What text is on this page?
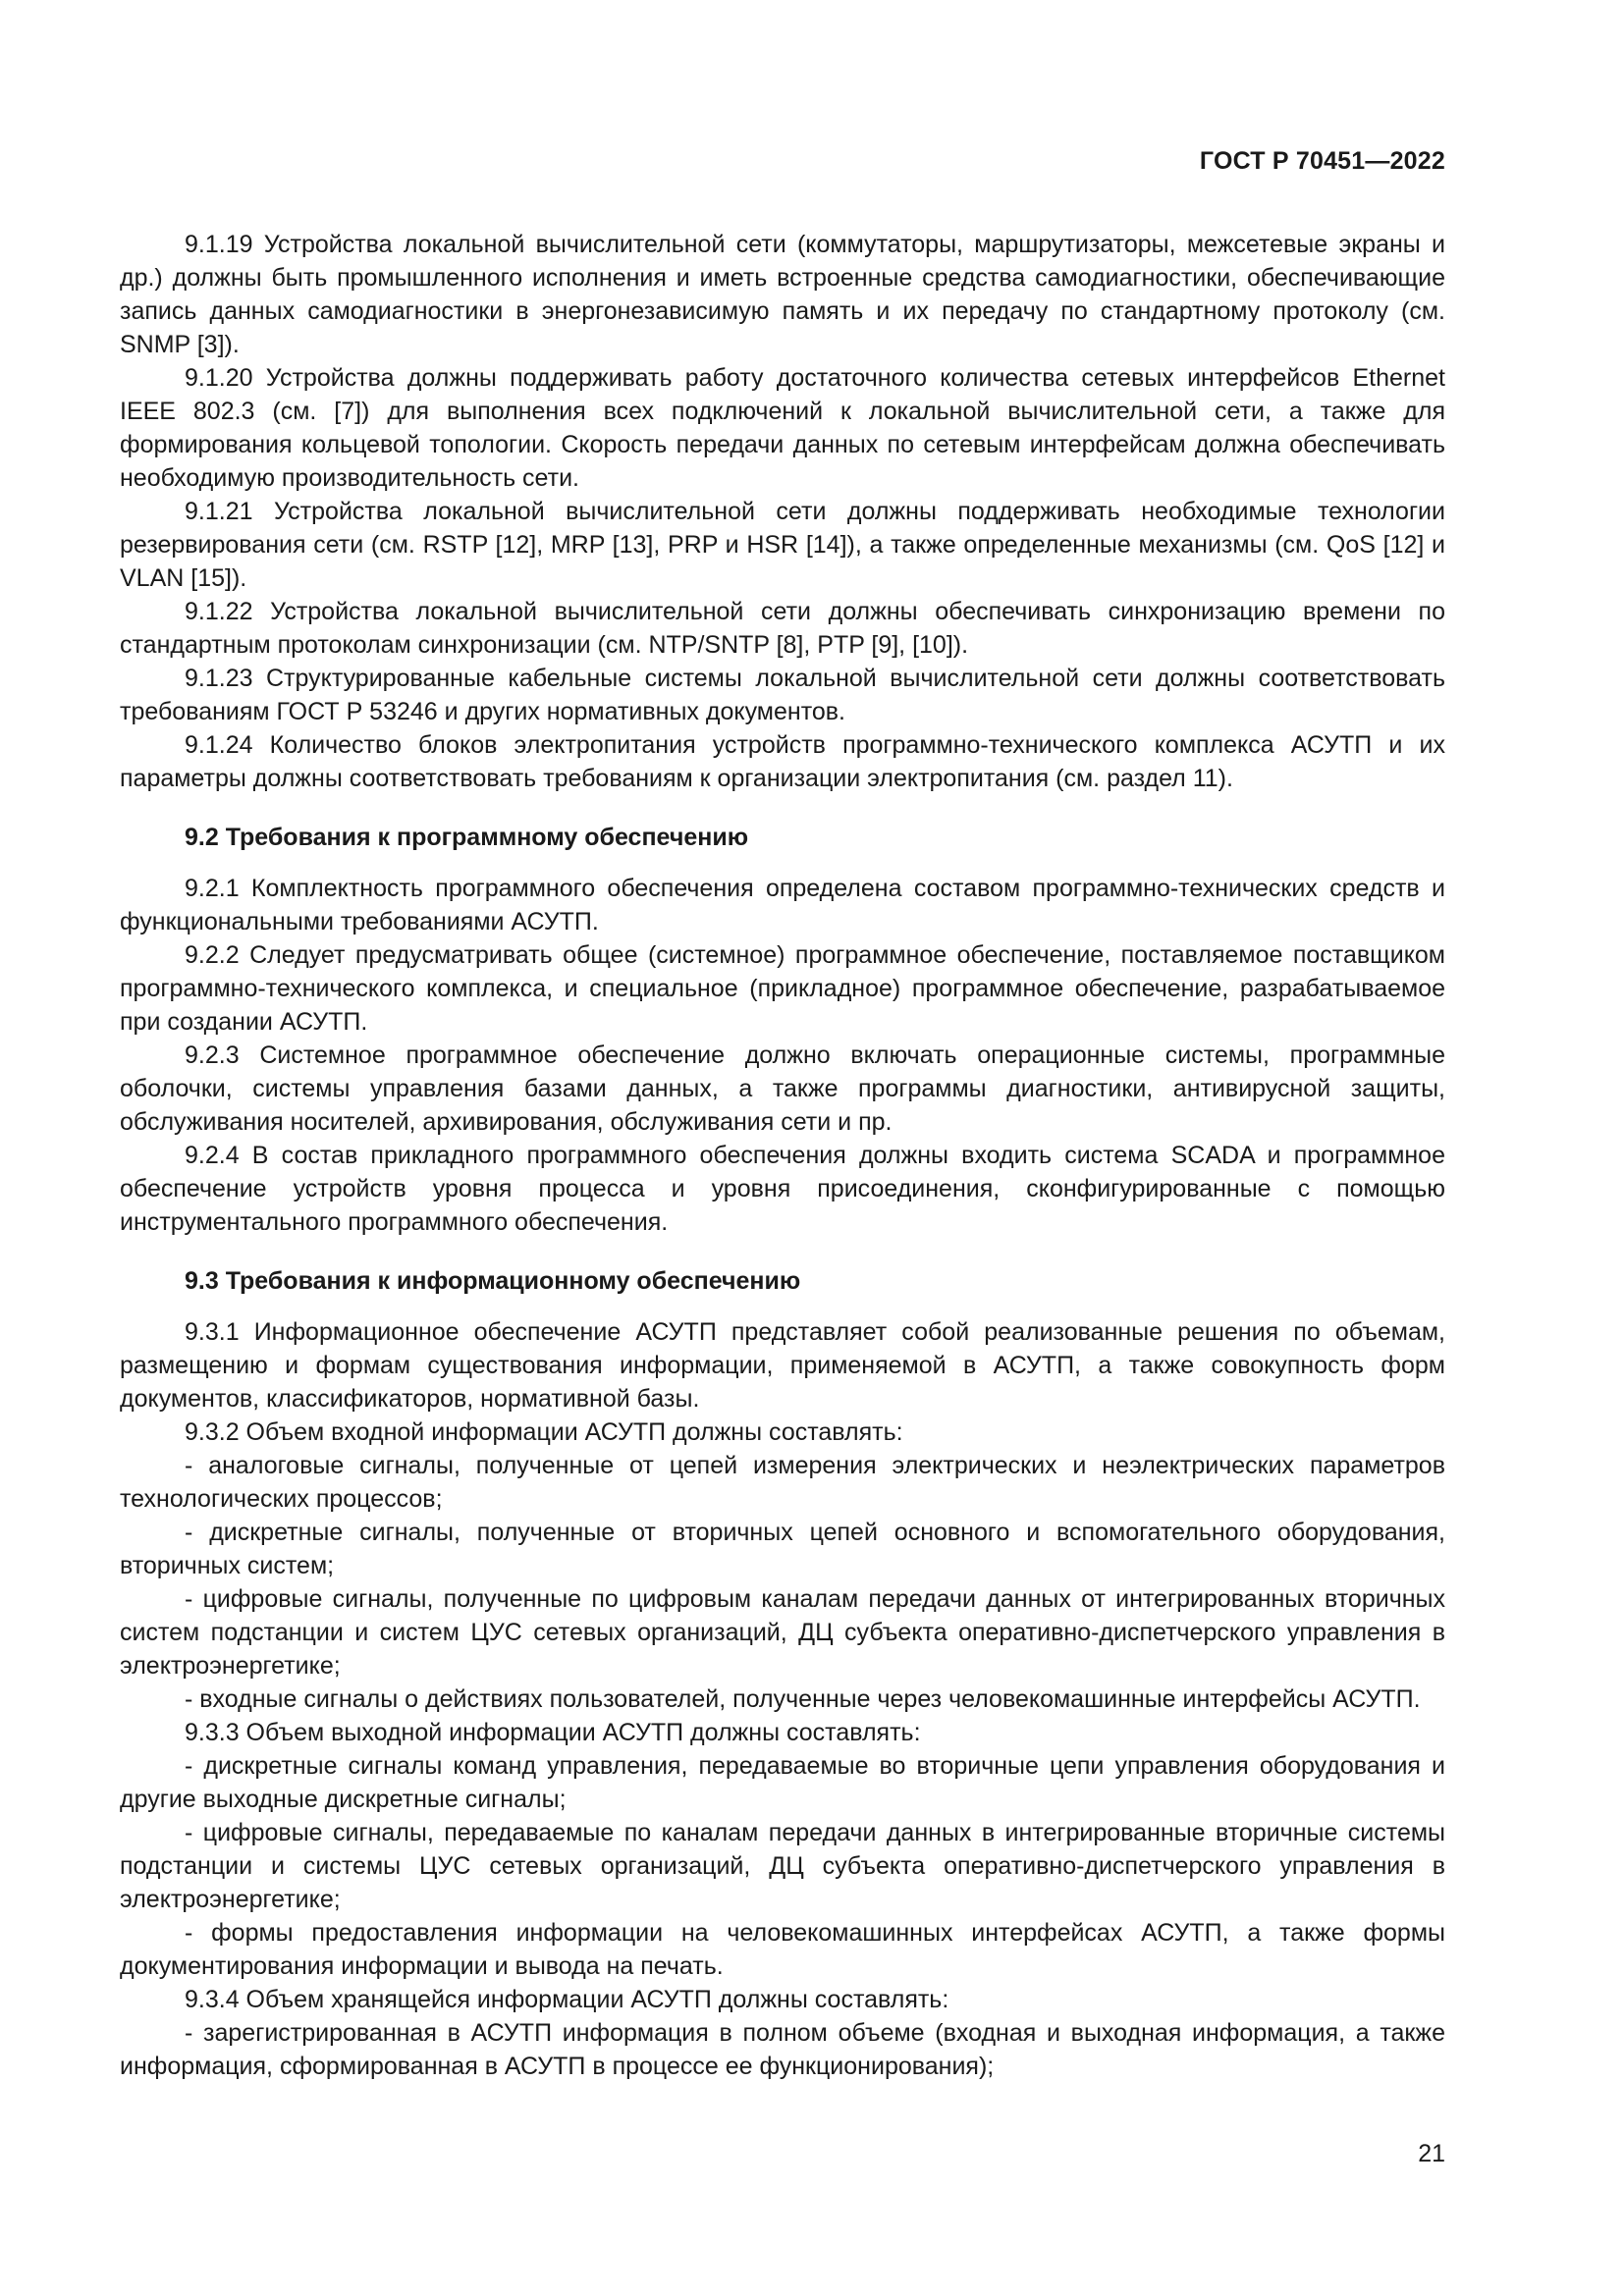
ГОСТ Р 70451—2022

9.1.19 Устройства локальной вычислительной сети (коммутаторы, маршрутизаторы, межсетевые экраны и др.) должны быть промышленного исполнения и иметь встроенные средства самодиагностики, обеспечивающие запись данных самодиагностики в энергонезависимую память и их передачу по стандартному протоколу (см. SNMP [3]).

9.1.20 Устройства должны поддерживать работу достаточного количества сетевых интерфейсов Ethernet IEEE 802.3 (см. [7]) для выполнения всех подключений к локальной вычислительной сети, а также для формирования кольцевой топологии. Скорость передачи данных по сетевым интерфейсам должна обеспечивать необходимую производительность сети.

9.1.21 Устройства локальной вычислительной сети должны поддерживать необходимые технологии резервирования сети (см. RSTP [12], MRP [13], PRP и HSR [14]), а также определенные механизмы (см. QoS [12] и VLAN [15]).

9.1.22 Устройства локальной вычислительной сети должны обеспечивать синхронизацию времени по стандартным протоколам синхронизации (см. NTP/SNTP [8], PTP [9], [10]).

9.1.23 Структурированные кабельные системы локальной вычислительной сети должны соответствовать требованиям ГОСТ Р 53246 и других нормативных документов.

9.1.24 Количество блоков электропитания устройств программно-технического комплекса АСУТП и их параметры должны соответствовать требованиям к организации электропитания (см. раздел 11).

9.2 Требования к программному обеспечению

9.2.1 Комплектность программного обеспечения определена составом программно-технических средств и функциональными требованиями АСУТП.

9.2.2 Следует предусматривать общее (системное) программное обеспечение, поставляемое поставщиком программно-технического комплекса, и специальное (прикладное) программное обеспечение, разрабатываемое при создании АСУТП.

9.2.3 Системное программное обеспечение должно включать операционные системы, программные оболочки, системы управления базами данных, а также программы диагностики, антивирусной защиты, обслуживания носителей, архивирования, обслуживания сети и пр.

9.2.4 В состав прикладного программного обеспечения должны входить система SCADA и программное обеспечение устройств уровня процесса и уровня присоединения, сконфигурированные с помощью инструментального программного обеспечения.

9.3 Требования к информационному обеспечению

9.3.1 Информационное обеспечение АСУТП представляет собой реализованные решения по объемам, размещению и формам существования информации, применяемой в АСУТП, а также совокупность форм документов, классификаторов, нормативной базы.

9.3.2 Объем входной информации АСУТП должны составлять:

- аналоговые сигналы, полученные от цепей измерения электрических и неэлектрических параметров технологических процессов;

- дискретные сигналы, полученные от вторичных цепей основного и вспомогательного оборудования, вторичных систем;

- цифровые сигналы, полученные по цифровым каналам передачи данных от интегрированных вторичных систем подстанции и систем ЦУС сетевых организаций, ДЦ субъекта оперативно-диспетчерского управления в электроэнергетике;

- входные сигналы о действиях пользователей, полученные через человекомашинные интерфейсы АСУТП.

9.3.3 Объем выходной информации АСУТП должны составлять:

- дискретные сигналы команд управления, передаваемые во вторичные цепи управления оборудования и другие выходные дискретные сигналы;

- цифровые сигналы, передаваемые по каналам передачи данных в интегрированные вторичные системы подстанции и системы ЦУС сетевых организаций, ДЦ субъекта оперативно-диспетчерского управления в электроэнергетике;

- формы предоставления информации на человекомашинных интерфейсах АСУТП, а также формы документирования информации и вывода на печать.

9.3.4 Объем хранящейся информации АСУТП должны составлять:

- зарегистрированная в АСУТП информация в полном объеме (входная и выходная информация, а также информация, сформированная в АСУТП в процессе ее функционирования);

21
